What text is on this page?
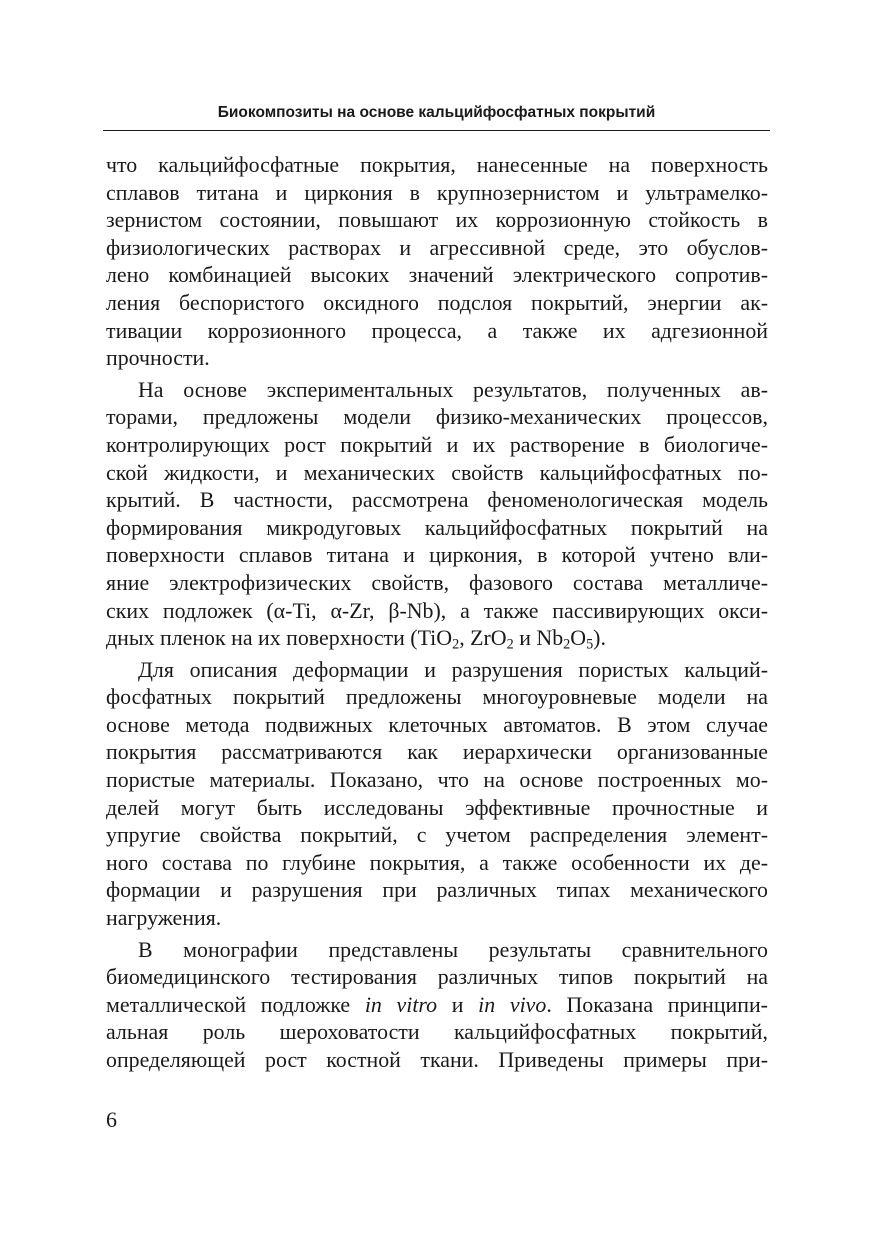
Биокомпозиты на основе кальцийфосфатных покрытий

что кальцийфосфатные покрытия, нанесенные на поверхность
сплавов титана и циркония в крупнозернистом и ультрамелко-
зернистом состоянии, повышают их коррозионную стойкость в
физиологических растворах и агрессивной среде, это обуслов-
лено комбинацией высоких значений электрического сопротив-
ления беспористого оксидного подслоя покрытий, энергии ак-
тивации коррозионного процесса, а также их адгезионной
прочности.

На основе экспериментальных результатов, полученных ав-
торами, предложены модели физико-механических процессов,
контролирующих рост покрытий и их растворение в биологиче-
ской жидкости, и механических свойств кальцийфосфатных по-
крытий. В частности, рассмотрена феноменологическая модель
формирования микродуговых кальцийфосфатных покрытий на
поверхности сплавов титана и циркония, в которой учтено вли-
яние электрофизических свойств, фазового состава металличе-
ских подложек (α-Ti, α-Zr, β-Nb), а также пассивирующих окси-
дных пленок на их поверхности (TiO$_2$, ZrO$_2$ и $Nb_2O_5$).

Для описания деформации и разрушения пористых кальций-
фосфатных покрытий предложены многоуровневые модели на
основе метода подвижных клеточных автоматов. В этом случае
покрытия рассматриваются как иерархически организованные
пористые материалы. Показано, что на основе построенных мо-
делей могут быть исследованы эффективные прочностные и
упругие свойства покрытий, с учетом распределения элемент-
ного состава по глубине покрытия, а также особенности их де-
формации и разрушения при различных типах механического
нагружения.

В монографии представлены результаты сравнительного
биомедицинского тестирования различных типов покрытий на
металлической подложке in vitro и in vivo. Показана принципи-
альная роль шероховатости кальцийфосфатных покрытий,
определяющей рост костной ткани. Приведены примеры при-

6
